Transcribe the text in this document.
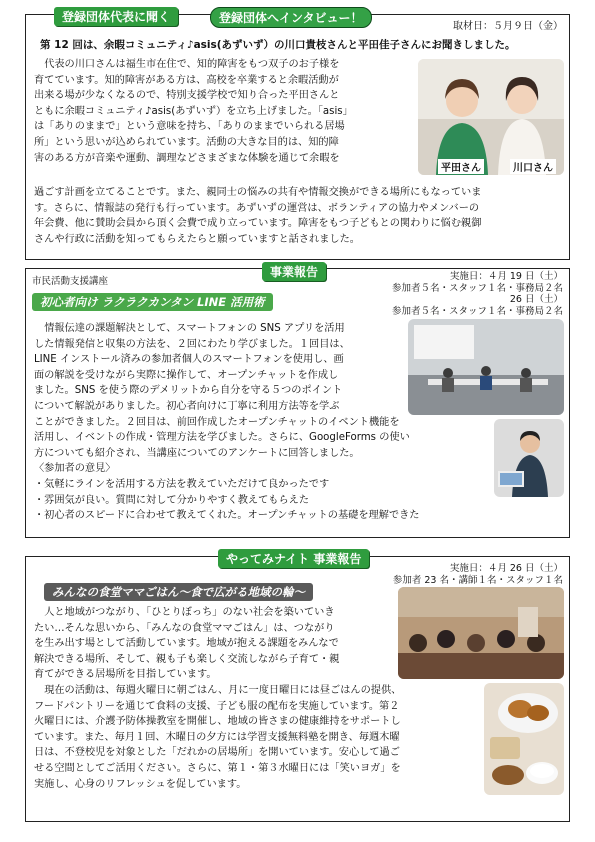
登録団体代表に聞く	登録団体へインタビュー！
取材日：５月９日（金）
第 12 回は、余暇コミュニティ♪asis(あずいず）の川口貴枝さんと平田佳子さんにお聞きしました。
代表の川口さんは福生市在住で、知的障害をもつ双子のお子様を
育てています。知的障害がある方は、高校を卒業すると余暇活動が
出来る場が少なくなるので、特別支援学校で知り合った平田さんと
ともに余暇コミュニティ♪asis(あずいず）を立ち上げました。「asis」
は「ありのままで」という意味を持ち、「ありのままでいられる居場
所」という思いが込められています。活動の大きな目的は、知的障
害のある方が音楽や運動、調理などさまざまな体験を通じて余暇を
過ごす計画を立てることです。また、親同士の悩みの共有や情報交換ができる場所にもなっていま
す。さらに、情報誌の発行も行っています。あずいずの運営は、ボランティアの協力やメンバーの
年会費、他に賛助会員から頂く会費で成り立っています。障害をもつ子どもとの関わりに悩む親御
さんや行政に活動を知ってもらえたらと願っていますと話されました。
平田さん	川口さん
市民活動支援講座
事業報告	実施日：４月 19 日（土）
参加者５名・スタッフ１名・事務局２名
26 日（土）
参加者５名・スタッフ１名・事務局２名
初心者向け ラクラクカンタン LINE 活用術
情報伝達の課題解決として、スマートフォンの SNS アプリを活用
した情報発信と収集の方法を、２回にわたり学びました。１回目は、
LINE インストール済みの参加者個人のスマートフォンを使用し、画
面の解説を受けながら実際に操作して、オープンチャットを作成し
ました。SNS を使う際のデメリットから自分を守る５つのポイント
について解説がありました。初心者向けに丁寧に利用方法等を学ぶ
ことができました。２回目は、前回作成したオープンチャットのイベント機能を
活用し、イベントの作成・管理方法を学びました。さらに、GoogleForms の使い
方についても紹介され、当講座についてのアンケートに回答しました。
〈参加者の意見〉
・気軽にラインを活用する方法を教えていただけて良かったです
・雰囲気が良い。質問に対して分かりやすく教えてもらえた
・初心者のスピードに合わせて教えてくれた。オープンチャットの基礎を理解できた
やってみナイト 事業報告
実施日：４月 26 日（土）
参加者 23 名・講師１名・スタッフ１名
みんなの食堂ママごはん〜食で広がる地域の輪〜
人と地域がつながり、「ひとりぼっち」のない社会を築いていき
たい…そんな思いから、「みんなの食堂ママごはん」は、つながり
を生み出す場として活動しています。地域が抱える課題をみんなで
解決できる場所、そして、親も子も楽しく交流しながら子育て・親
育てができる居場所を目指しています。
現在の活動は、毎週火曜日に朝ごはん、月に一度日曜日には昼ごはんの提供、
フードパントリーを通じて食料の支援、子ども服の配布を実施しています。第２
火曜日には、介護予防体操教室を開催し、地域の皆さまの健康維持をサポートし
ています。また、毎月１回、木曜日の夕方には学習支援無料塾を開き、毎週木曜
日は、不登校児を対象とした「だれかの居場所」を開いています。安心して過ご
せる空間としてご活用ください。さらに、第１・第３水曜日には「笑いヨガ」を
実施し、心身のリフレッシュを促しています。
